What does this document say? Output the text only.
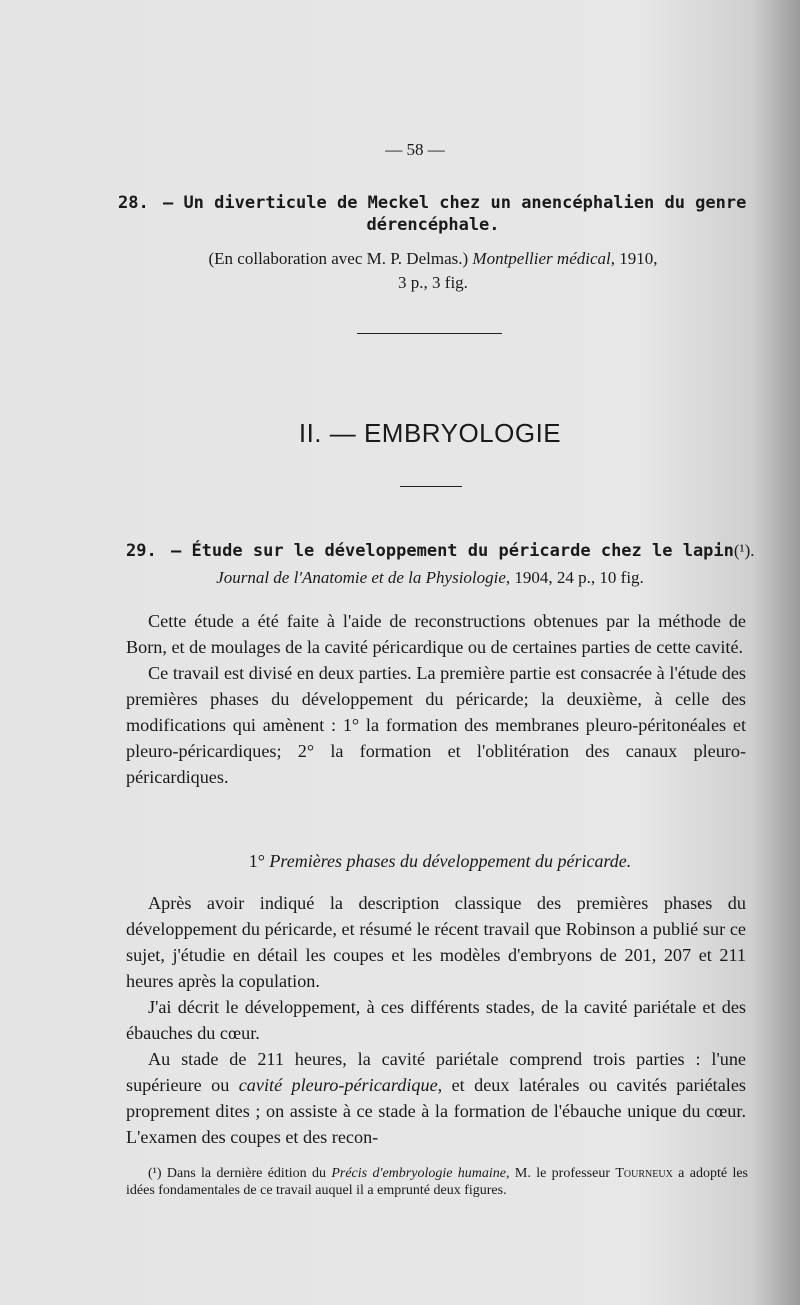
— 58 —
28. — Un diverticule de Meckel chez un anencéphalien du genre
dérencéphale.
(En collaboration avec M. P. Delmas.) Montpellier médical, 1910,
3 p., 3 fig.
II. — EMBRYOLOGIE
29. — Étude sur le développement du péricarde chez le lapin(¹).
Journal de l'Anatomie et de la Physiologie, 1904, 24 p., 10 fig.

Cette étude a été faite à l'aide de reconstructions obtenues par la méthode de Born, et de moulages de la cavité péricardique ou de certaines parties de cette cavité.

Ce travail est divisé en deux parties. La première partie est consacrée à l'étude des premières phases du développement du péricarde; la deuxième, à celle des modifications qui amènent : 1° la formation des membranes pleuro-péritonéales et pleuro-péricardiques; 2° la formation et l'oblitération des canaux pleuro-péricardiques.

1° Premières phases du développement du péricarde.

Après avoir indiqué la description classique des premières phases du développement du péricarde, et résumé le récent travail que Robinson a publié sur ce sujet, j'étudie en détail les coupes et les modèles d'embryons de 201, 207 et 211 heures après la copulation.

J'ai décrit le développement, à ces différents stades, de la cavité pariétale et des ébauches du cœur.

Au stade de 211 heures, la cavité pariétale comprend trois parties : l'une supérieure ou cavité pleuro-péricardique, et deux latérales ou cavités pariétales proprement dites ; on assiste à ce stade à la formation de l'ébauche unique du cœur. L'examen des coupes et des recon-

(¹) Dans la dernière édition du Précis d'embryologie humaine, M. le professeur Tourneux a adopté les idées fondamentales de ce travail auquel il a emprunté deux figures.
